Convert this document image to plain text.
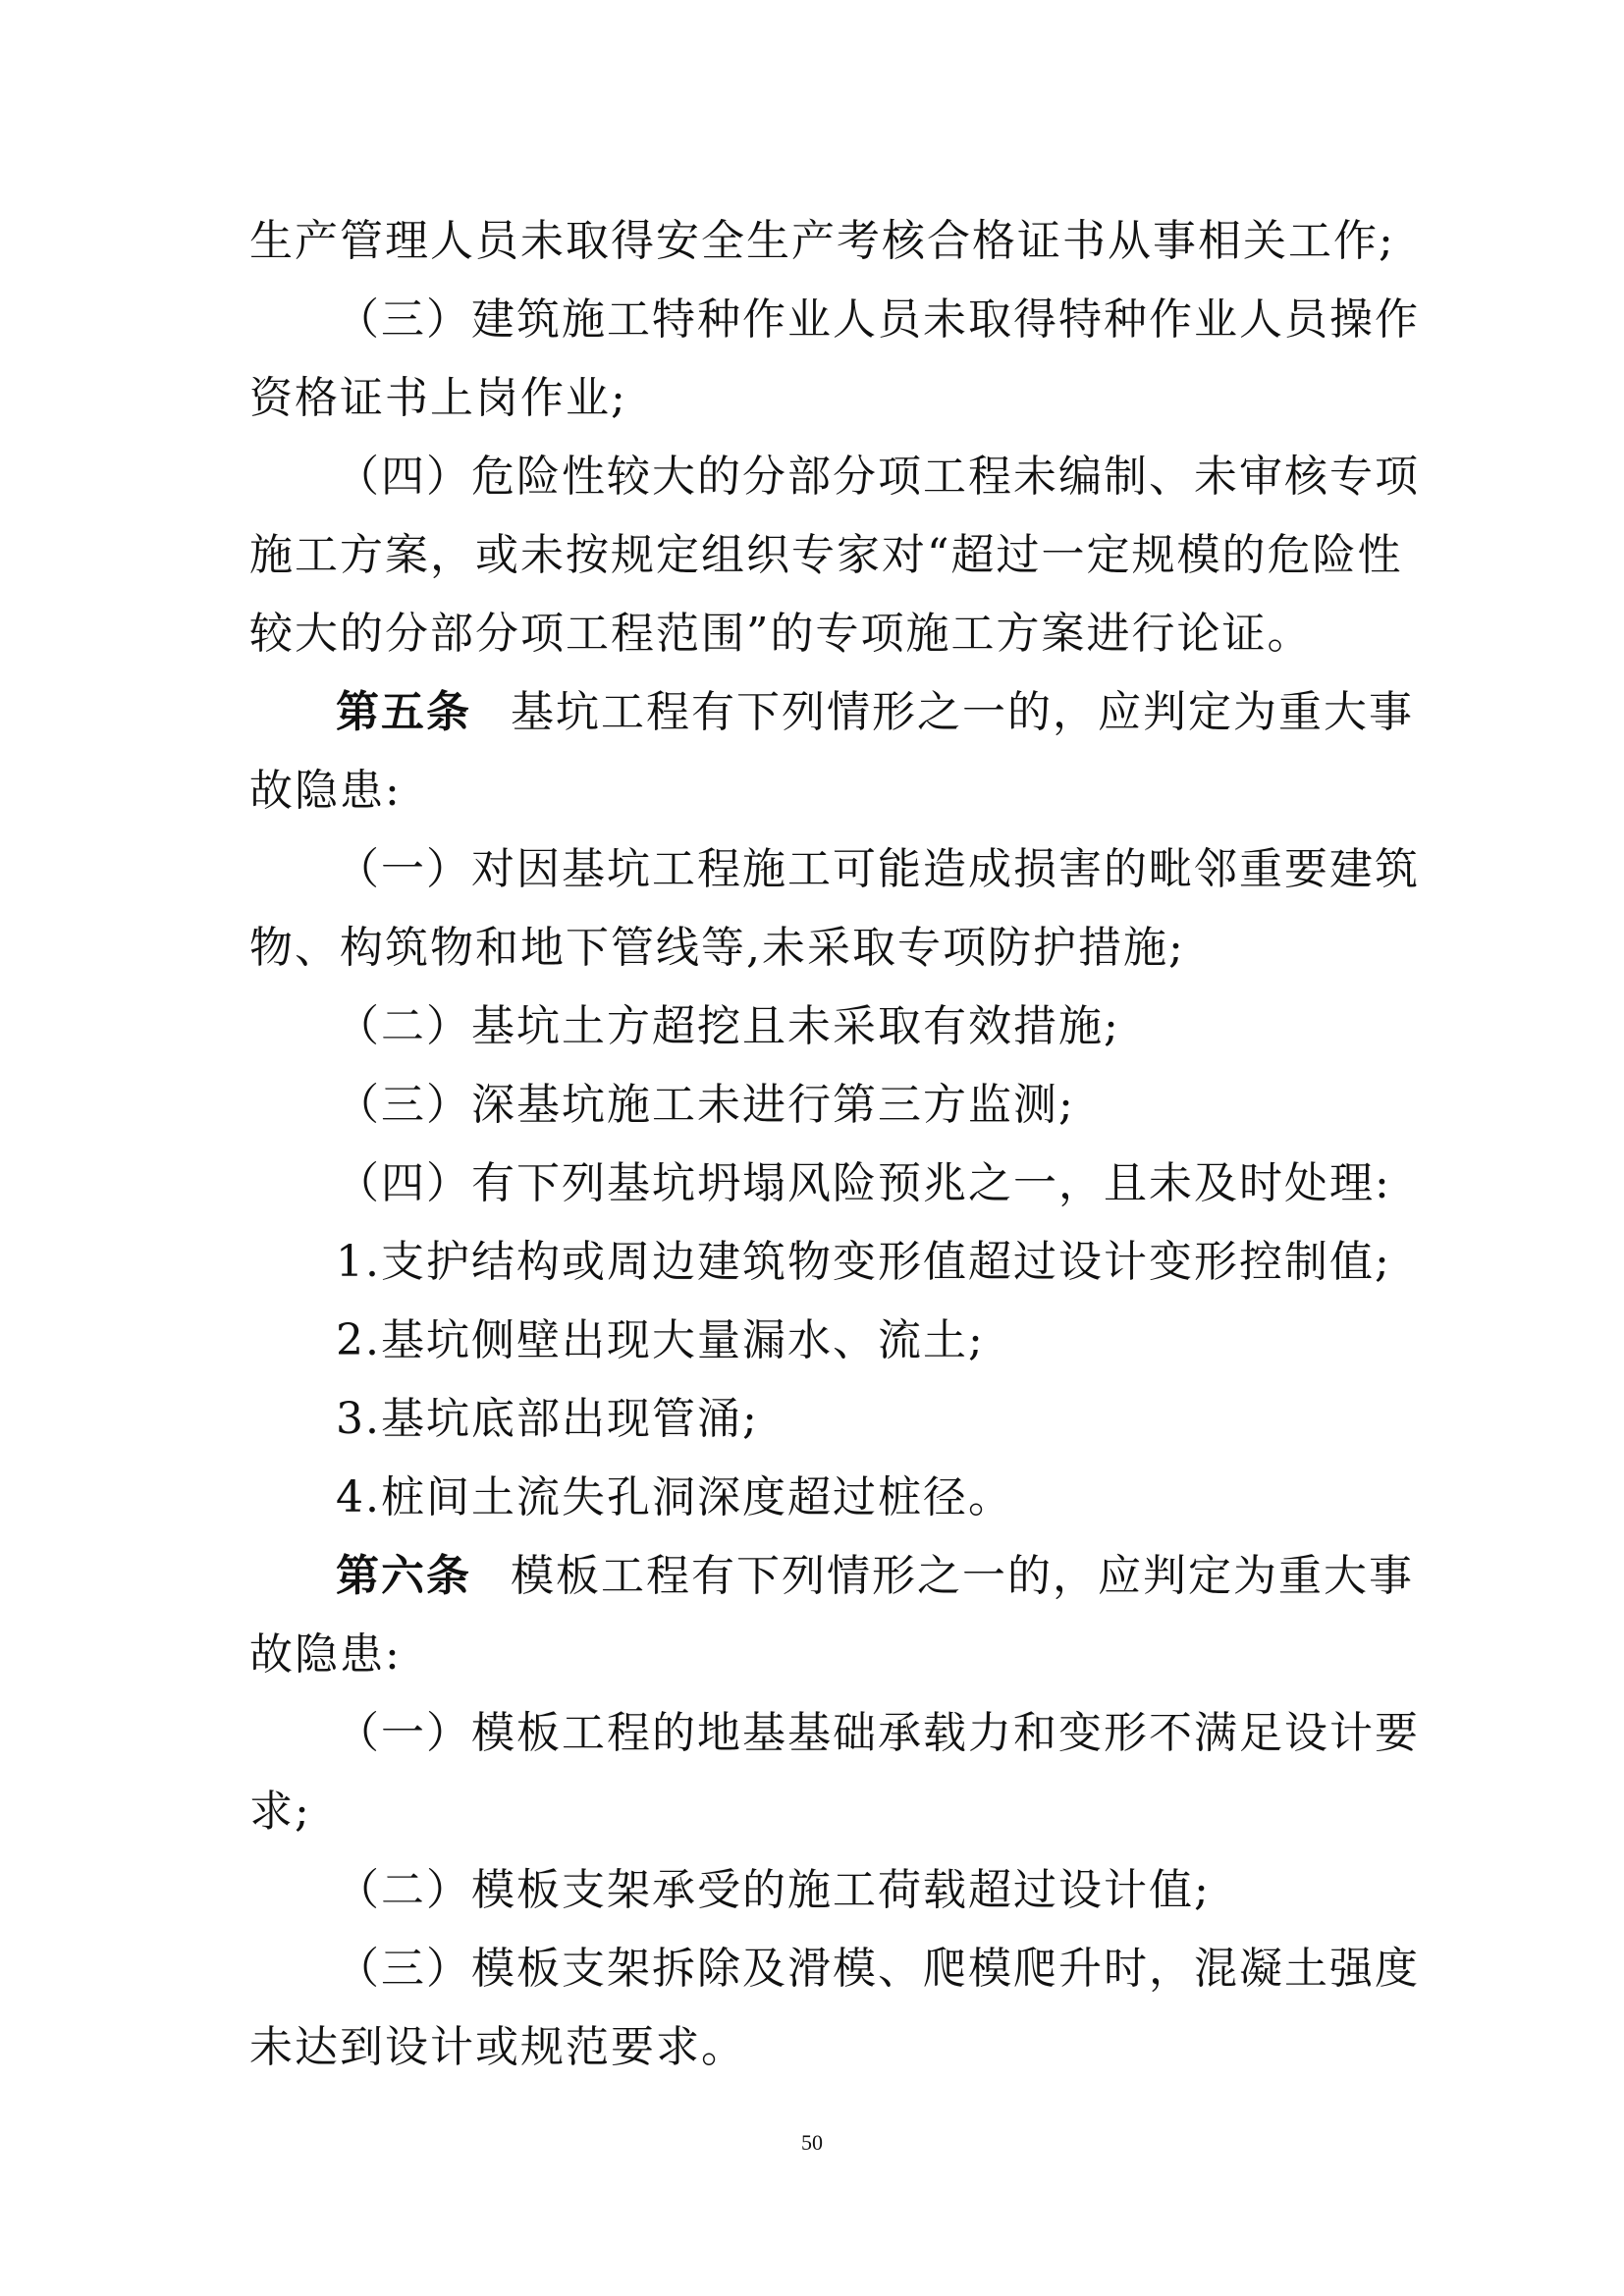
生产管理人员未取得安全生产考核合格证书从事相关工作;
（三）建筑施工特种作业人员未取得特种作业人员操作
资格证书上岗作业;
（四）危险性较大的分部分项工程未编制、未审核专项
施工方案，或未按规定组织专家对“超过一定规模的危险性
较大的分部分项工程范围”的专项施工方案进行论证。
第五条 基坑工程有下列情形之一的，应判定为重大事
故隐患:
（一）对因基坑工程施工可能造成损害的毗邻重要建筑
物、构筑物和地下管线等,未采取专项防护措施;
（二）基坑土方超挖且未采取有效措施;
（三）深基坑施工未进行第三方监测;
（四）有下列基坑坍塌风险预兆之一，且未及时处理:
1.支护结构或周边建筑物变形值超过设计变形控制值;
2.基坑侧壁出现大量漏水、流土;
3.基坑底部出现管涌;
4.桩间土流失孔洞深度超过桩径。
第六条 模板工程有下列情形之一的，应判定为重大事
故隐患:
（一）模板工程的地基基础承载力和变形不满足设计要
求;
（二）模板支架承受的施工荷载超过设计值;
（三）模板支架拆除及滑模、爬模爬升时，混凝土强度
未达到设计或规范要求。
50
